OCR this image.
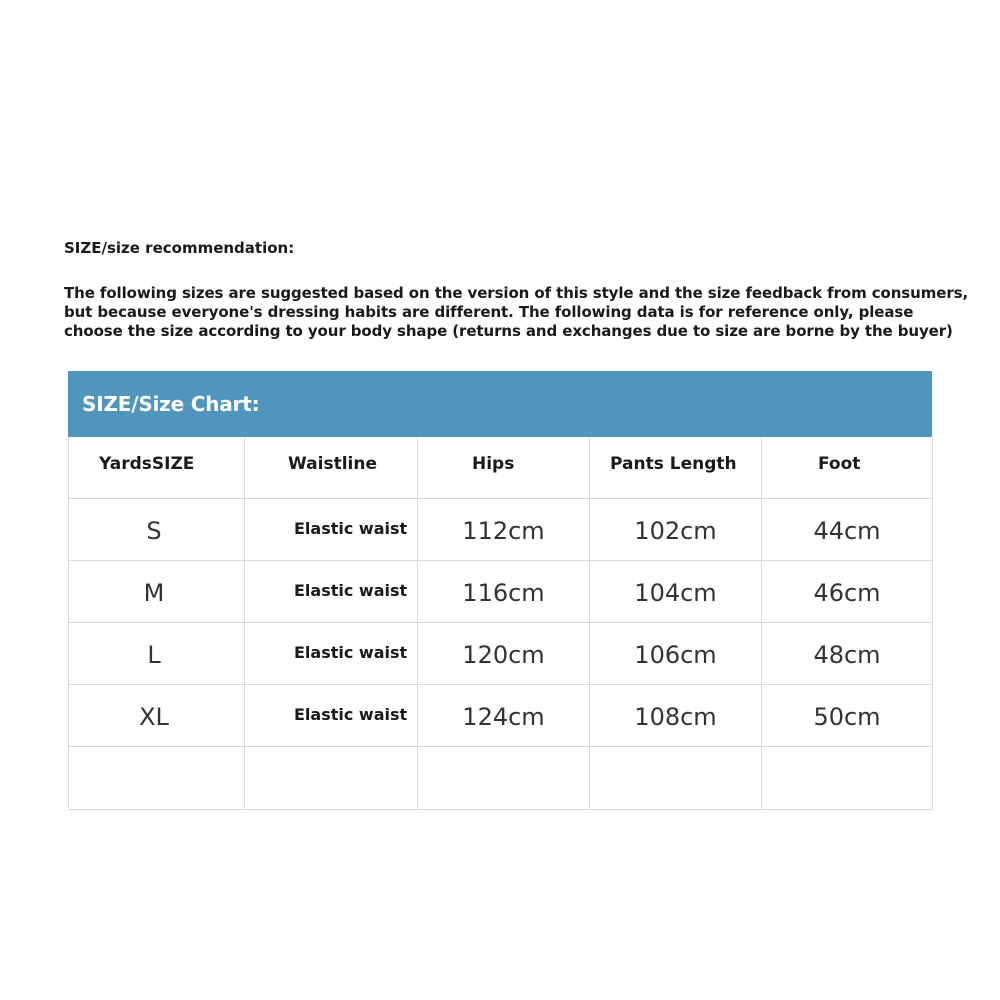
SIZE/size recommendation:

The following sizes are suggested based on the version of this style and the size feedback from consumers,
but because everyone's dressing habits are different. The following data is for reference only, please
choose the size according to your body shape (returns and exchanges due to size are borne by the buyer)

SIZE/Size Chart:
YardsSIZE	Waistline	Hips	Pants Length	Foot

S	Elastic waist	112cm	102cm	44cm

M	Elastic waist	116cm	104cm	46cm

L	Elastic waist	120cm	106cm	48cm

XL	Elastic waist	124cm	108cm	50cm
